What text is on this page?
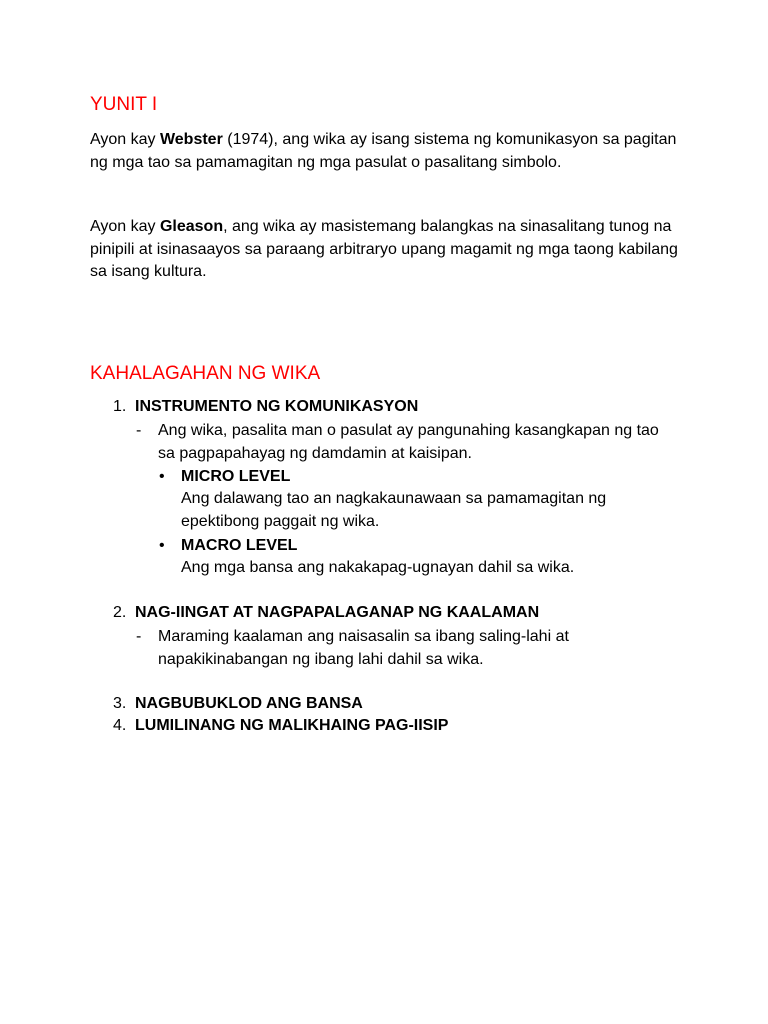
YUNIT I

Ayon kay Webster (1974), ang wika ay isang sistema ng komunikasyon sa pagitan ng mga tao sa pamamagitan ng mga pasulat o pasalitang simbolo.

Ayon kay Gleason, ang wika ay masistemang balangkas na sinasalitang tunog na pinipili at isinasaayos sa paraang arbitraryo upang magamit ng mga taong kabilang sa isang kultura.

KAHALAGAHAN NG WIKA
1. INSTRUMENTO NG KOMUNIKASYON
- Ang wika, pasalita man o pasulat ay pangunahing kasangkapan ng tao sa pagpapahayag ng damdamin at kaisipan.
• MICRO LEVEL

Ang dalawang tao an nagkakaunawaan sa pamamagitan ng epektibong paggait ng wika.

• MACRO LEVEL

Ang mga bansa ang nakakapag-ugnayan dahil sa wika.

2. NAG-IINGAT AT NAGPAPALAGANAP NG KAALAMAN
- Maraming kaalaman ang naisasalin sa ibang saling-lahi at napakikinabangan ng ibang lahi dahil sa wika.
3. NAGBUBUKLOD ANG BANSA
4. LUMILINANG NG MALIKHAING PAG-IISIP
